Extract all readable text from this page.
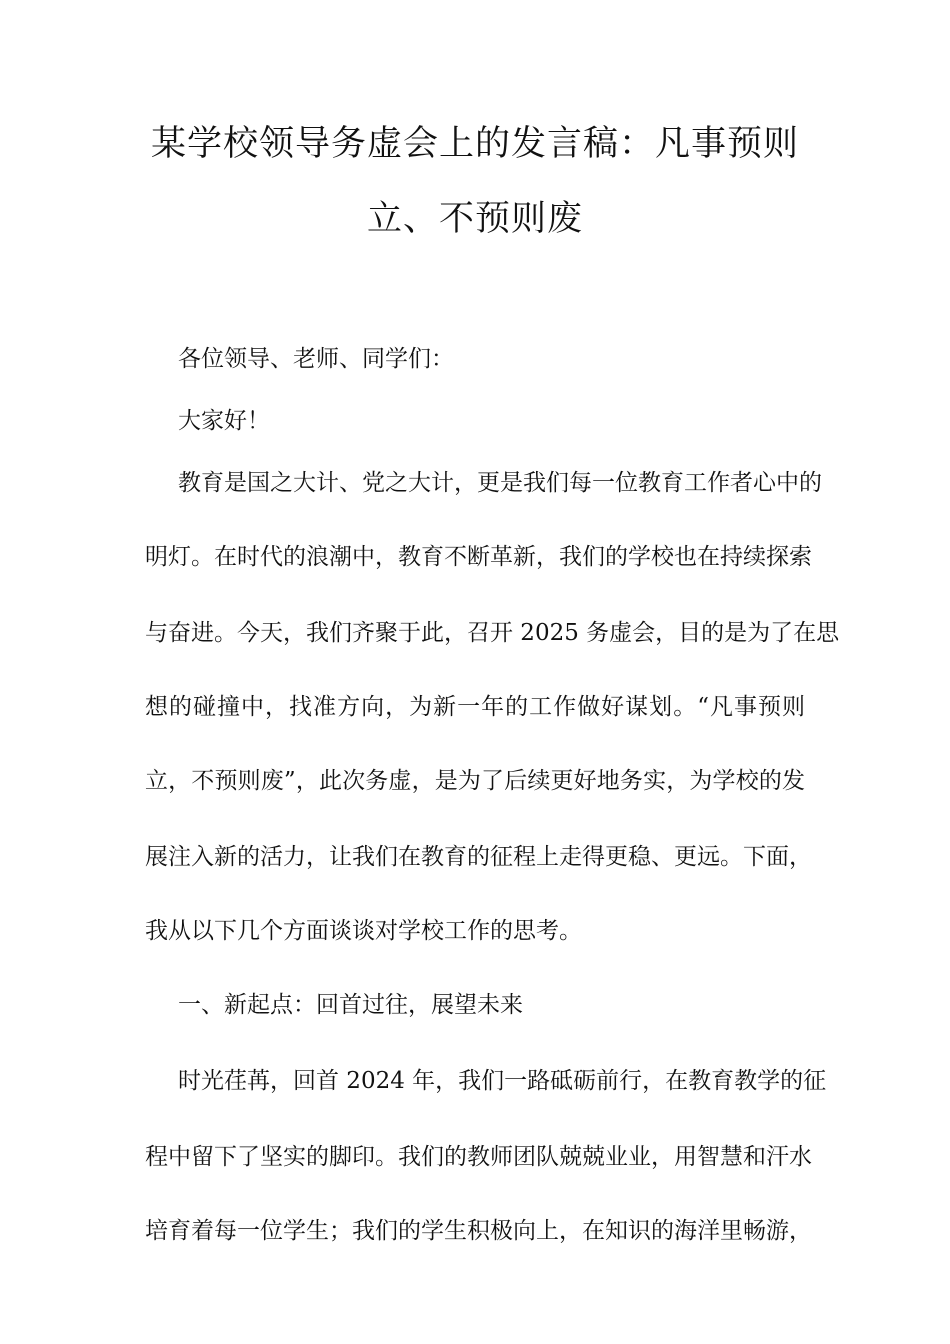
某学校领导务虚会上的发言稿：凡事预则
立、不预则废
各位领导、老师、同学们：
大家好！
教育是国之大计、党之大计，更是我们每一位教育工作者心中的
明灯。在时代的浪潮中，教育不断革新，我们的学校也在持续探索
与奋进。今天，我们齐聚于此，召开 2025 务虚会，目的是为了在思
想的碰撞中，找准方向，为新一年的工作做好谋划。“凡事预则
立，不预则废”，此次务虚，是为了后续更好地务实，为学校的发
展注入新的活力，让我们在教育的征程上走得更稳、更远。下面，
我从以下几个方面谈谈对学校工作的思考。
一、新起点：回首过往，展望未来
时光荏苒，回首 2024 年，我们一路砥砺前行，在教育教学的征
程中留下了坚实的脚印。我们的教师团队兢兢业业，用智慧和汗水
培育着每一位学生；我们的学生积极向上，在知识的海洋里畅游，
